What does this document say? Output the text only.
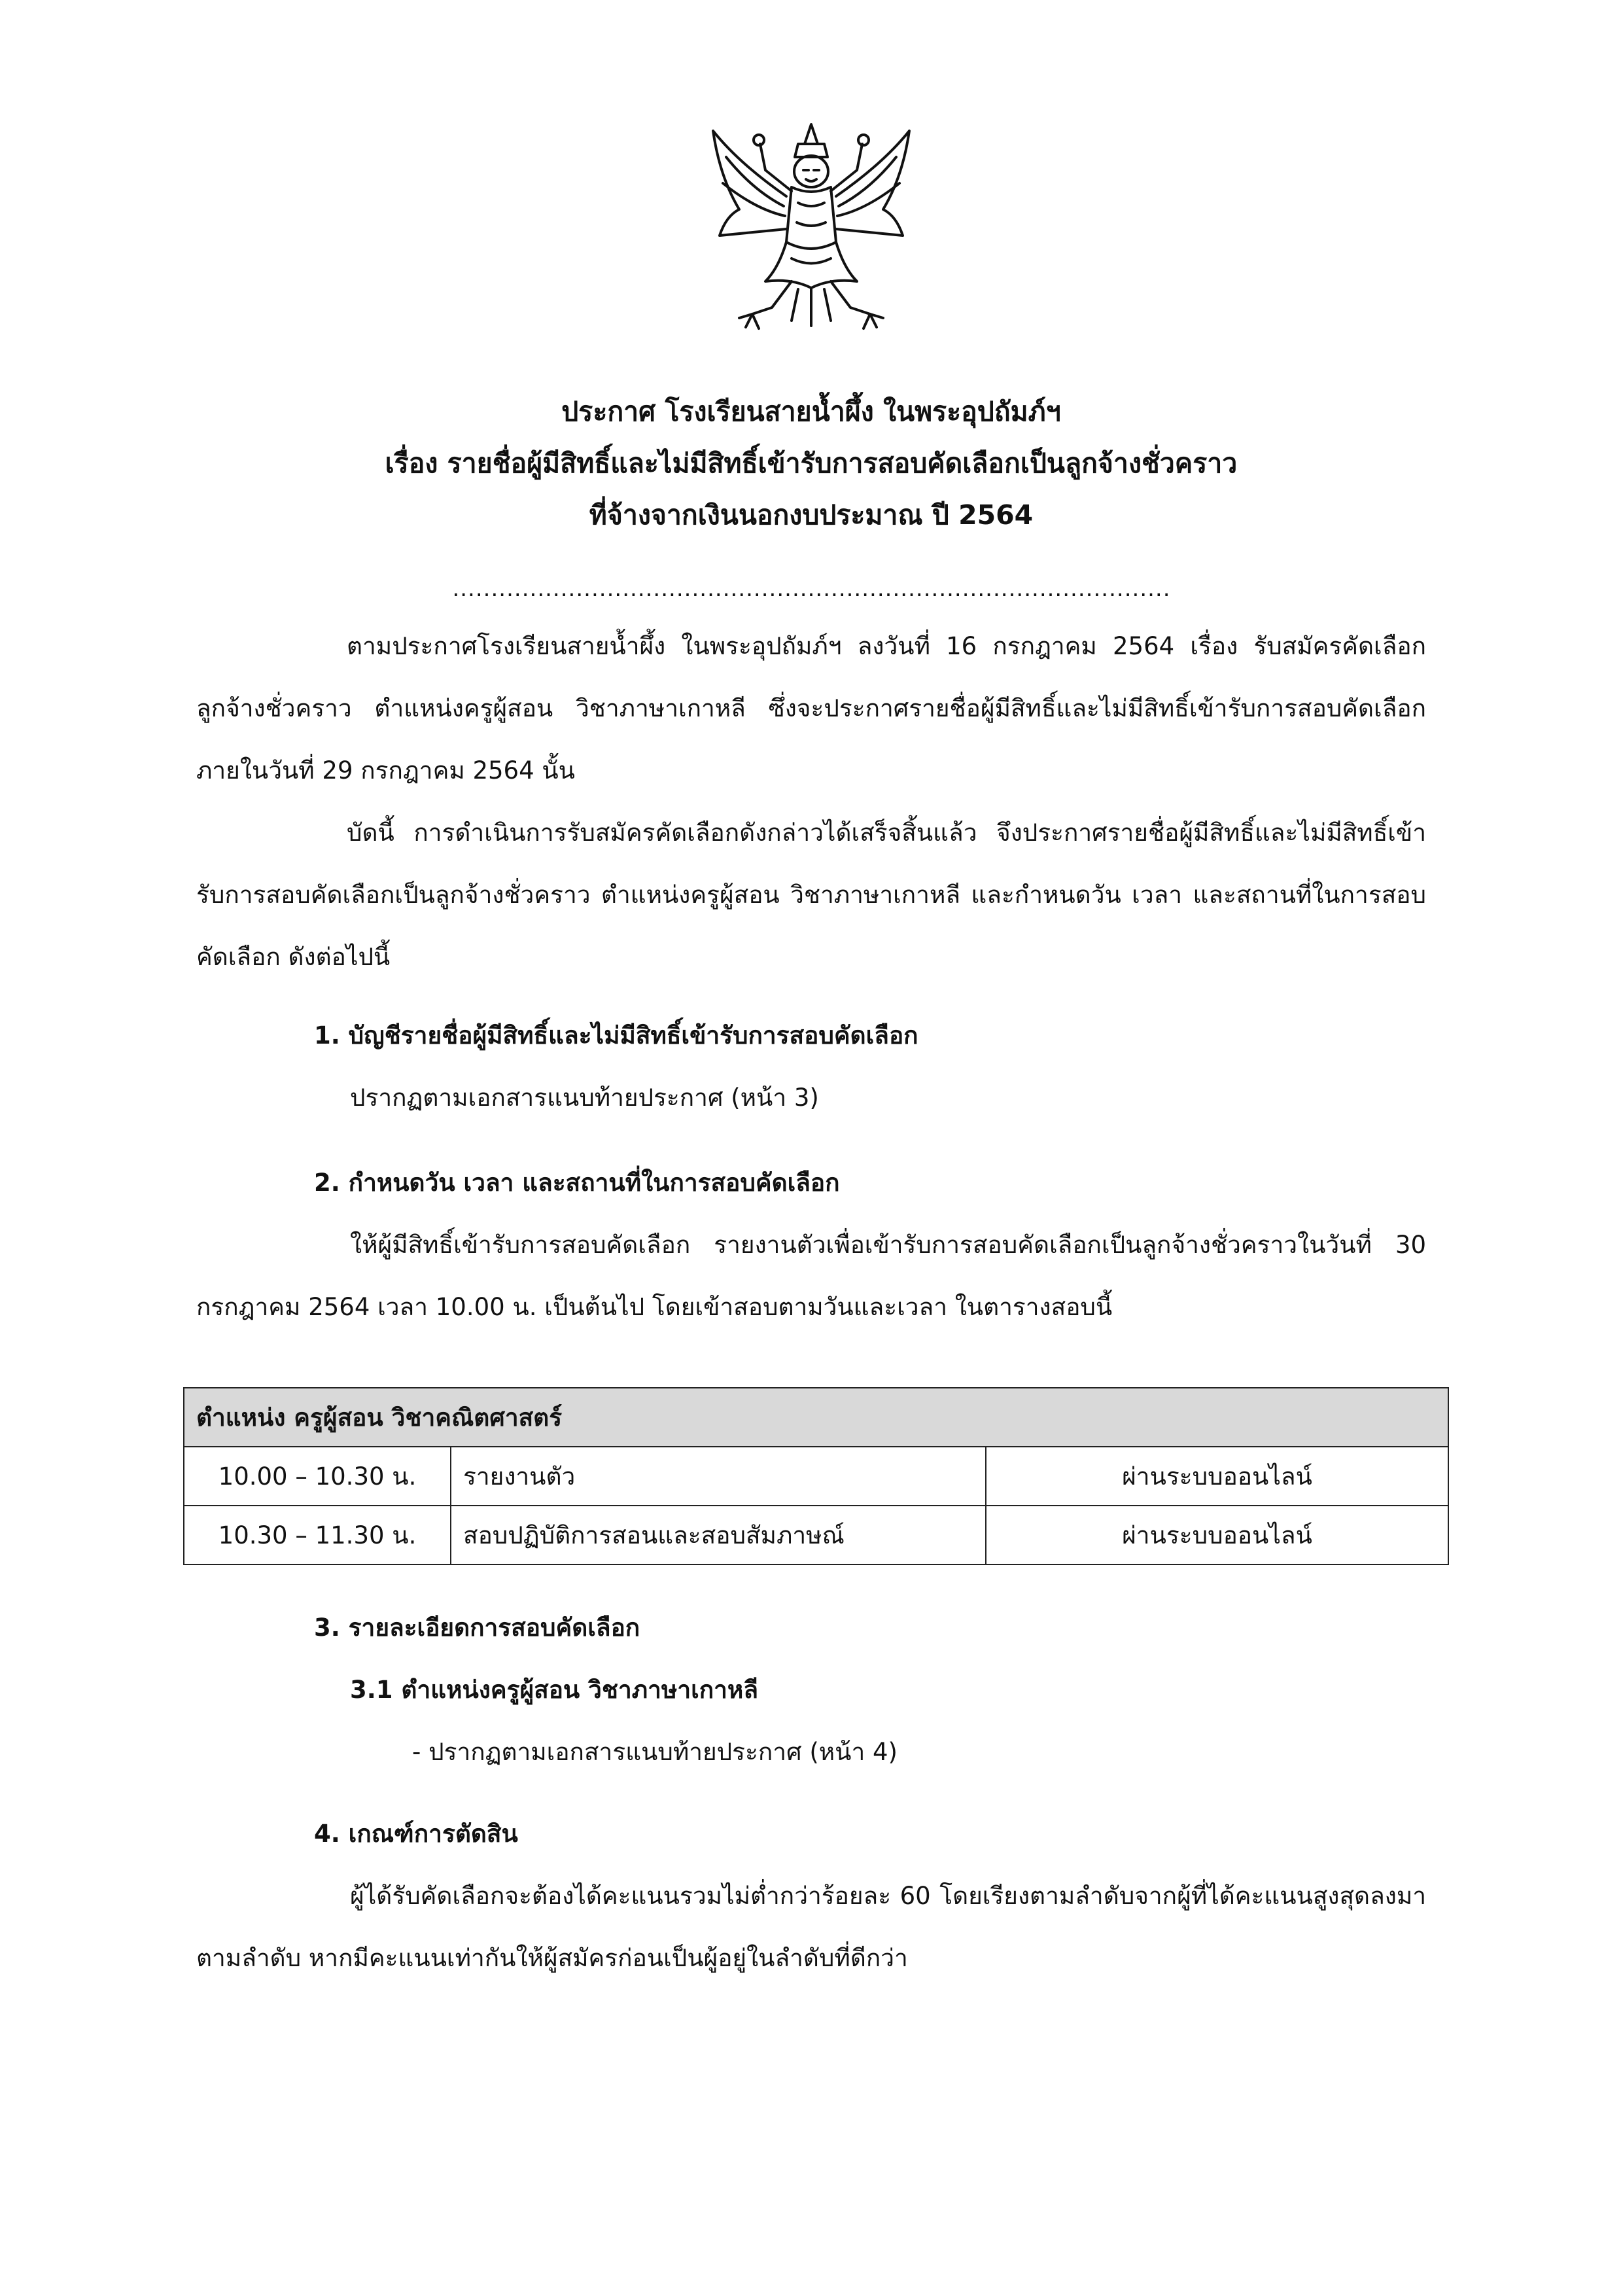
ประกาศ โรงเรียนสายน้ำผึ้ง ในพระอุปถัมภ์ฯ
เรื่อง รายชื่อผู้มีสิทธิ์และไม่มีสิทธิ์เข้ารับการสอบคัดเลือกเป็นลูกจ้างชั่วคราว
ที่จ้างจากเงินนอกงบประมาณ ปี 2564
.............................................................................................

ตามประกาศโรงเรียนสายน้ำผึ้ง ในพระอุปถัมภ์ฯ ลงวันที่ 16 กรกฎาคม 2564 เรื่อง รับสมัครคัดเลือกลูกจ้างชั่วคราว ตำแหน่งครูผู้สอน วิชาภาษาเกาหลี ซึ่งจะประกาศรายชื่อผู้มีสิทธิ์และไม่มีสิทธิ์เข้ารับการสอบคัดเลือก ภายในวันที่ 29 กรกฎาคม 2564 นั้น

บัดนี้ การดำเนินการรับสมัครคัดเลือกดังกล่าวได้เสร็จสิ้นแล้ว จึงประกาศรายชื่อผู้มีสิทธิ์และไม่มีสิทธิ์เข้ารับการสอบคัดเลือกเป็นลูกจ้างชั่วคราว ตำแหน่งครูผู้สอน วิชาภาษาเกาหลี และกำหนดวัน เวลา และสถานที่ในการสอบคัดเลือก ดังต่อไปนี้

1. บัญชีรายชื่อผู้มีสิทธิ์และไม่มีสิทธิ์เข้ารับการสอบคัดเลือก
ปรากฏตามเอกสารแนบท้ายประกาศ (หน้า 3)
2. กำหนดวัน เวลา และสถานที่ในการสอบคัดเลือก
ให้ผู้มีสิทธิ์เข้ารับการสอบคัดเลือก รายงานตัวเพื่อเข้ารับการสอบคัดเลือกเป็นลูกจ้างชั่วคราวในวันที่ 30 กรกฎาคม 2564 เวลา 10.00 น. เป็นต้นไป โดยเข้าสอบตามวันและเวลา ในตารางสอบนี้
ตำแหน่ง ครูผู้สอน วิชาคณิตศาสตร์		
10.00 – 10.30 น.	รายงานตัว	ผ่านระบบออนไลน์
10.30 – 11.30 น.	สอบปฏิบัติการสอนและสอบสัมภาษณ์	ผ่านระบบออนไลน์
3. รายละเอียดการสอบคัดเลือก
3.1 ตำแหน่งครูผู้สอน วิชาภาษาเกาหลี
- ปรากฏตามเอกสารแนบท้ายประกาศ (หน้า 4)
4. เกณฑ์การตัดสิน
ผู้ได้รับคัดเลือกจะต้องได้คะแนนรวมไม่ต่ำกว่าร้อยละ 60 โดยเรียงตามลำดับจากผู้ที่ได้คะแนนสูงสุดลงมาตามลำดับ หากมีคะแนนเท่ากันให้ผู้สมัครก่อนเป็นผู้อยู่ในลำดับที่ดีกว่า
